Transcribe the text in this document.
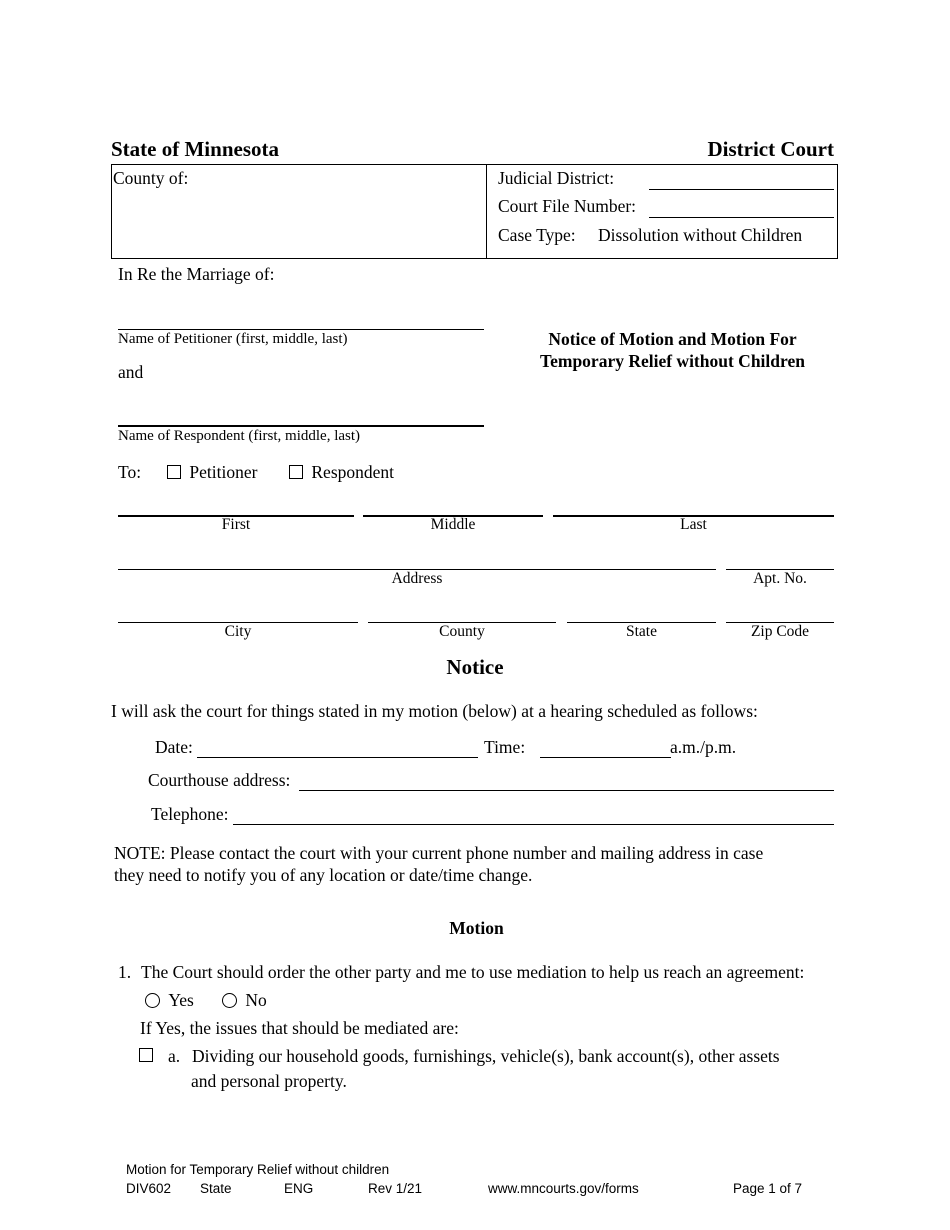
State of Minnesota	District Court
County of:	Judicial District:
Court File Number:
Case Type: Dissolution without Children
In Re the Marriage of:
Name of Petitioner (first, middle, last)
and
Name of Respondent (first, middle, last)
Notice of Motion and Motion For
Temporary Relief without Children
To:	Petitioner	Respondent
First	Middle	Last
Address	Apt. No.
City	County	State	Zip Code
Notice
I will ask the court for things stated in my motion (below) at a hearing scheduled as follows:
Date:	Time:	a.m./p.m.
Courthouse address:
Telephone:
NOTE: Please contact the court with your current phone number and mailing address in case
they need to notify you of any location or date/time change.
Motion
1. The Court should order the other party and me to use mediation to help us reach an agreement:
Yes	No
If Yes, the issues that should be mediated are:
a. Dividing our household goods, furnishings, vehicle(s), bank account(s), other assets
and personal property.
Motion for Temporary Relief without children
DIV602 State	ENG	Rev 1/21	www.mncourts.gov/forms	Page 1 of 7
